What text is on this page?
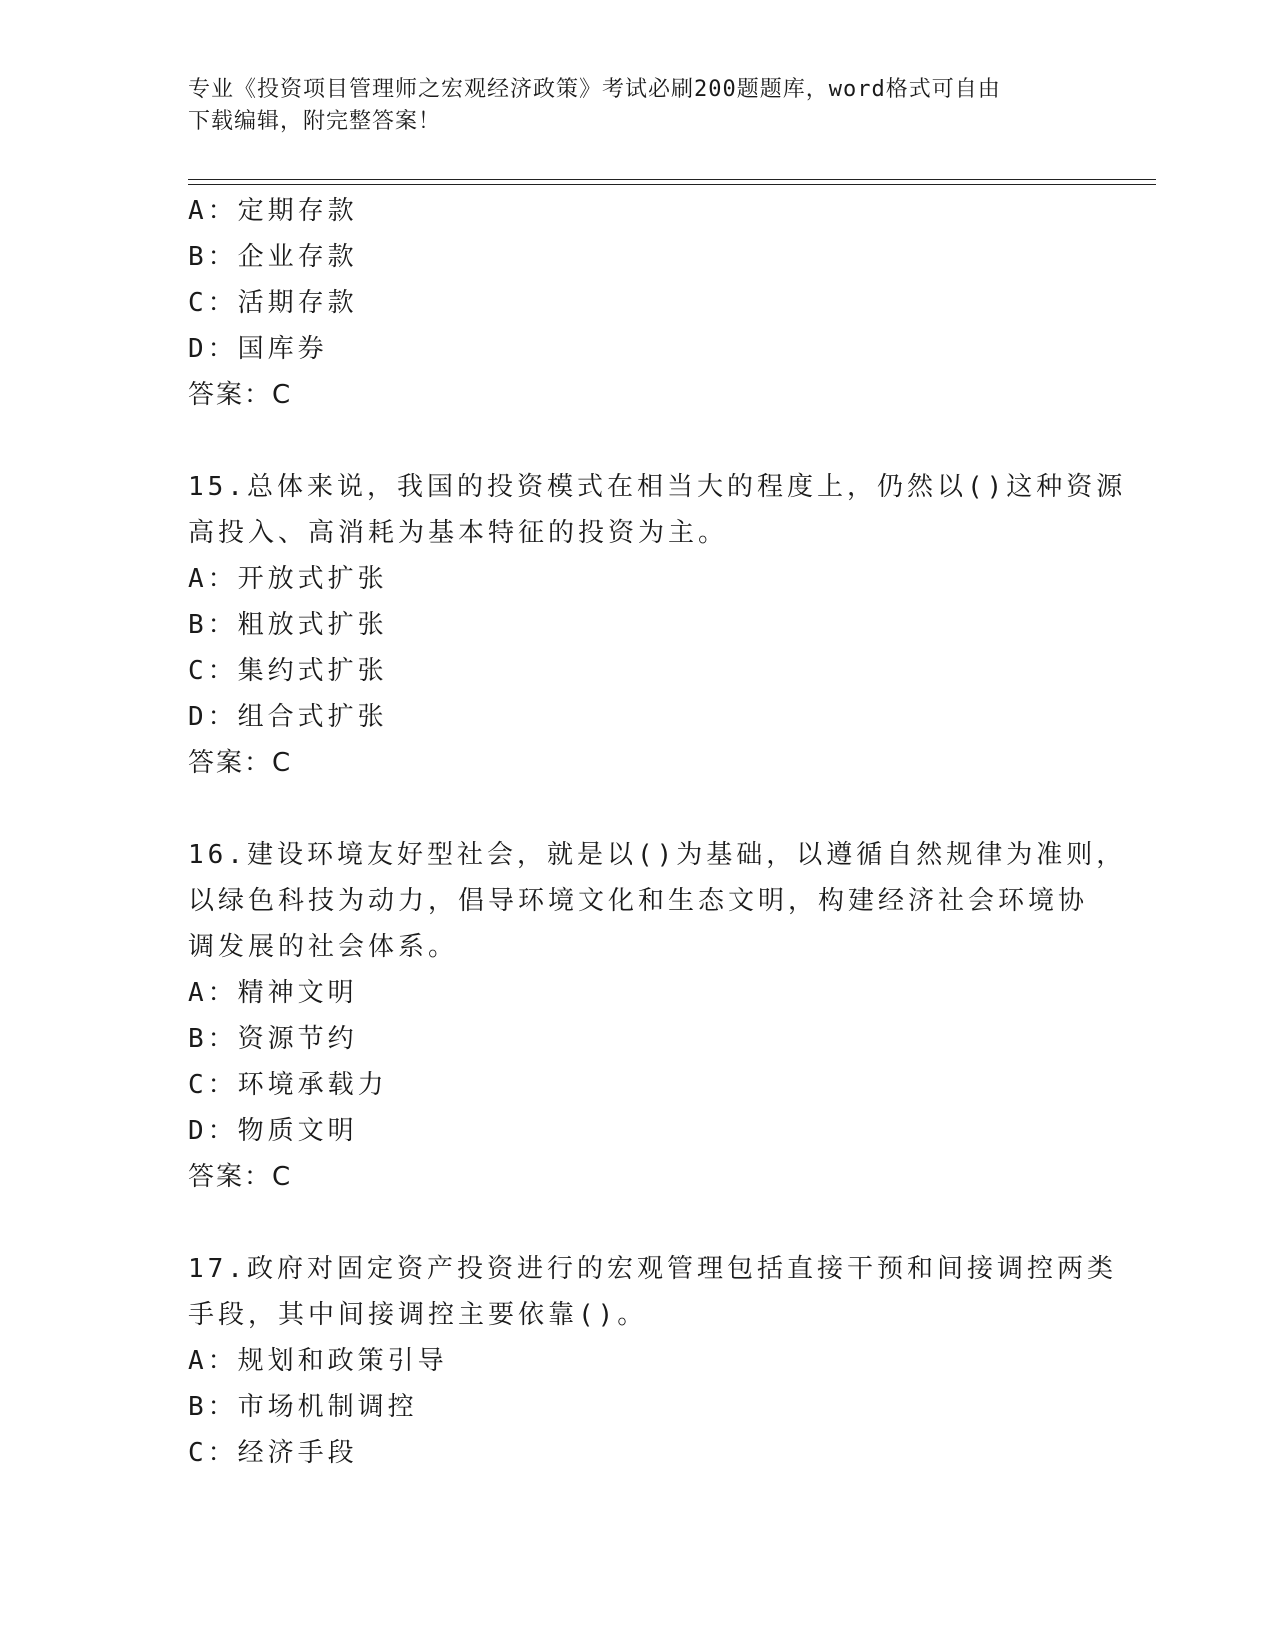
专业《投资项目管理师之宏观经济政策》考试必刷200题题库，word格式可自由
下载编辑，附完整答案！
A：定期存款
B：企业存款
C：活期存款
D：国库券
答案：C
15.总体来说，我国的投资模式在相当大的程度上，仍然以()这种资源
高投入、高消耗为基本特征的投资为主。
A：开放式扩张
B：粗放式扩张
C：集约式扩张
D：组合式扩张
答案：C
16.建设环境友好型社会，就是以()为基础，以遵循自然规律为准则，
以绿色科技为动力，倡导环境文化和生态文明，构建经济社会环境协
调发展的社会体系。
A：精神文明
B：资源节约
C：环境承载力
D：物质文明
答案：C
17.政府对固定资产投资进行的宏观管理包括直接干预和间接调控两类
手段，其中间接调控主要依靠()。
A：规划和政策引导
B：市场机制调控
C：经济手段
